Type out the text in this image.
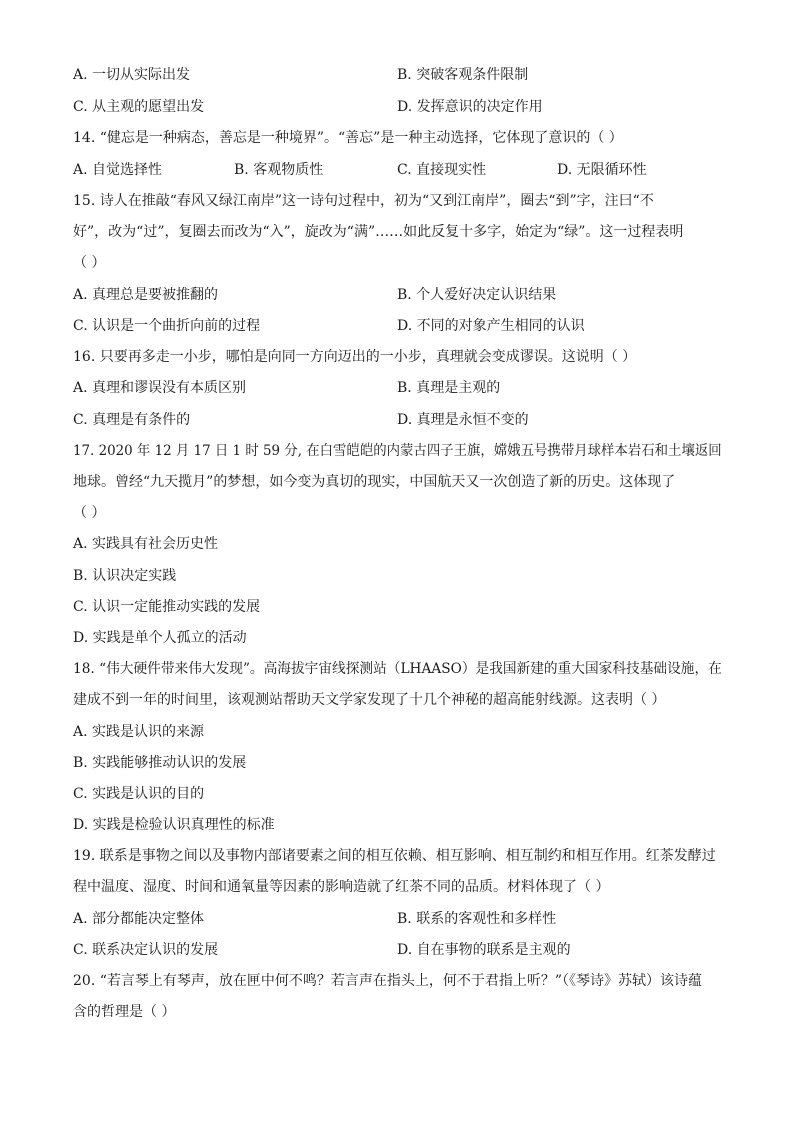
A. 一切从实际出发	B. 突破客观条件限制
C. 从主观的愿望出发	D. 发挥意识的决定作用
14. “健忘是一种病态，善忘是一种境界”。“善忘”是一种主动选择，它体现了意识的（ ）
A. 自觉选择性	B. 客观物质性	C. 直接现实性	D. 无限循环性
15. 诗人在推敲“春风又绿江南岸”这一诗句过程中，初为“又到江南岸”，圈去“到”字，注曰“不
好”，改为“过”，复圈去而改为“入”，旋改为“满”……如此反复十多字，始定为“绿”。这一过程表明
（ ）
A. 真理总是要被推翻的	B. 个人爱好决定认识结果
C. 认识是一个曲折向前的过程	D. 不同的对象产生相同的认识
16. 只要再多走一小步，哪怕是向同一方向迈出的一小步，真理就会变成谬误。这说明（ ）
A. 真理和谬误没有本质区别	B. 真理是主观的
C. 真理是有条件的	D. 真理是永恒不变的
17. 2020 年 12 月 17 日 1 时 59 分, 在白雪皑皑的内蒙古四子王旗，嫦娥五号携带月球样本岩石和土壤返回
地球。曾经“九天揽月”的梦想，如今变为真切的现实，中国航天又一次创造了新的历史。这体现了
（ ）
A. 实践具有社会历史性
B. 认识决定实践
C. 认识一定能推动实践的发展
D. 实践是单个人孤立的活动
18. “伟大硬件带来伟大发现”。高海拔宇宙线探测站（LHAASO）是我国新建的重大国家科技基础设施，在
建成不到一年的时间里，该观测站帮助天文学家发现了十几个神秘的超高能射线源。这表明（ ）
A. 实践是认识的来源
B. 实践能够推动认识的发展
C. 实践是认识的目的
D. 实践是检验认识真理性的标准
19. 联系是事物之间以及事物内部诸要素之间的相互依赖、相互影响、相互制约和相互作用。红茶发酵过
程中温度、湿度、时间和通氧量等因素的影响造就了红茶不同的品质。材料体现了（ ）
A. 部分都能决定整体	B. 联系的客观性和多样性
C. 联系决定认识的发展	D. 自在事物的联系是主观的
20. “若言琴上有琴声，放在匣中何不鸣？若言声在指头上，何不于君指上听？”（《琴诗》苏轼）该诗蕴
含的哲理是（ ）
